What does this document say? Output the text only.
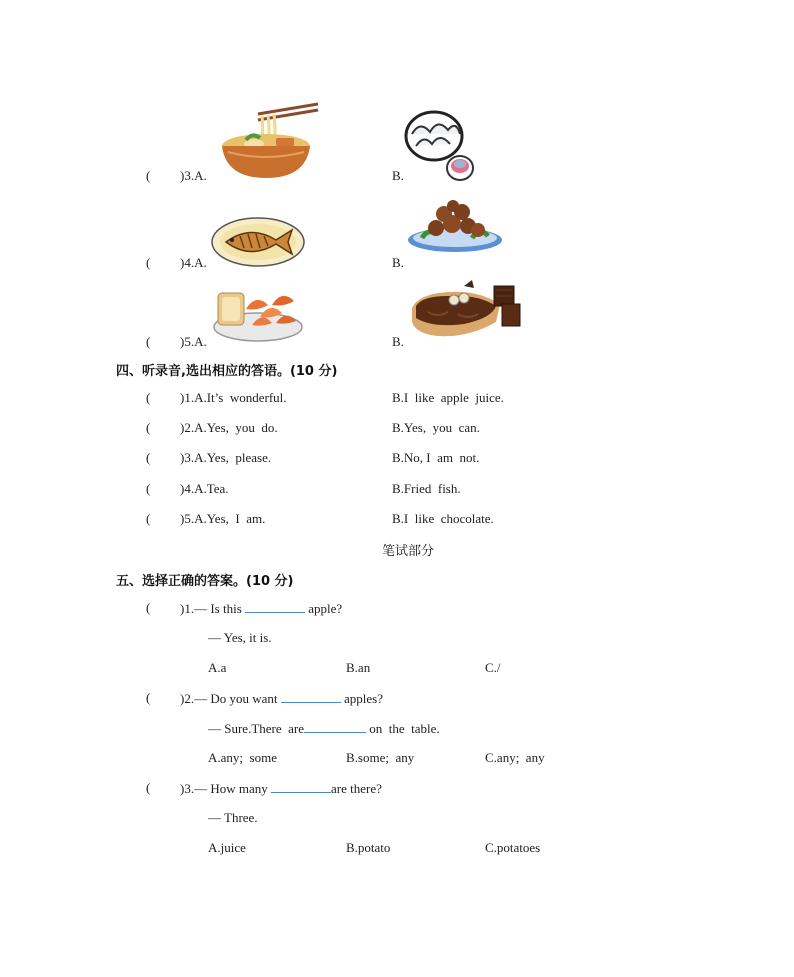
( )3.A.	B.
( )4.A.	B.
( )5.A.	B.
四、听录音,选出相应的答语。(10 分)
( )1.A.It’s  wonderful.	B.I  like  apple  juice.
( )2.A.Yes,  you  do.	B.Yes,  you  can.
( )3.A.Yes,  please.	B.No, I  am  not.
( )4.A.Tea.	B.Fried  fish.
( )5.A.Yes,  I  am.	B.I  like  chocolate.
笔试部分
五、选择正确的答案。(10 分)
( )1.— Is this	apple?
— Yes, it is.
A.a	B.an	C./
( )2.— Do you want	apples?
— Sure.There  are	on  the  table.
A.any;  some	B.some;  any	C.any;  any
( )3.— How many	are there?
— Three.
A.juice	B.potato	C.potatoes
